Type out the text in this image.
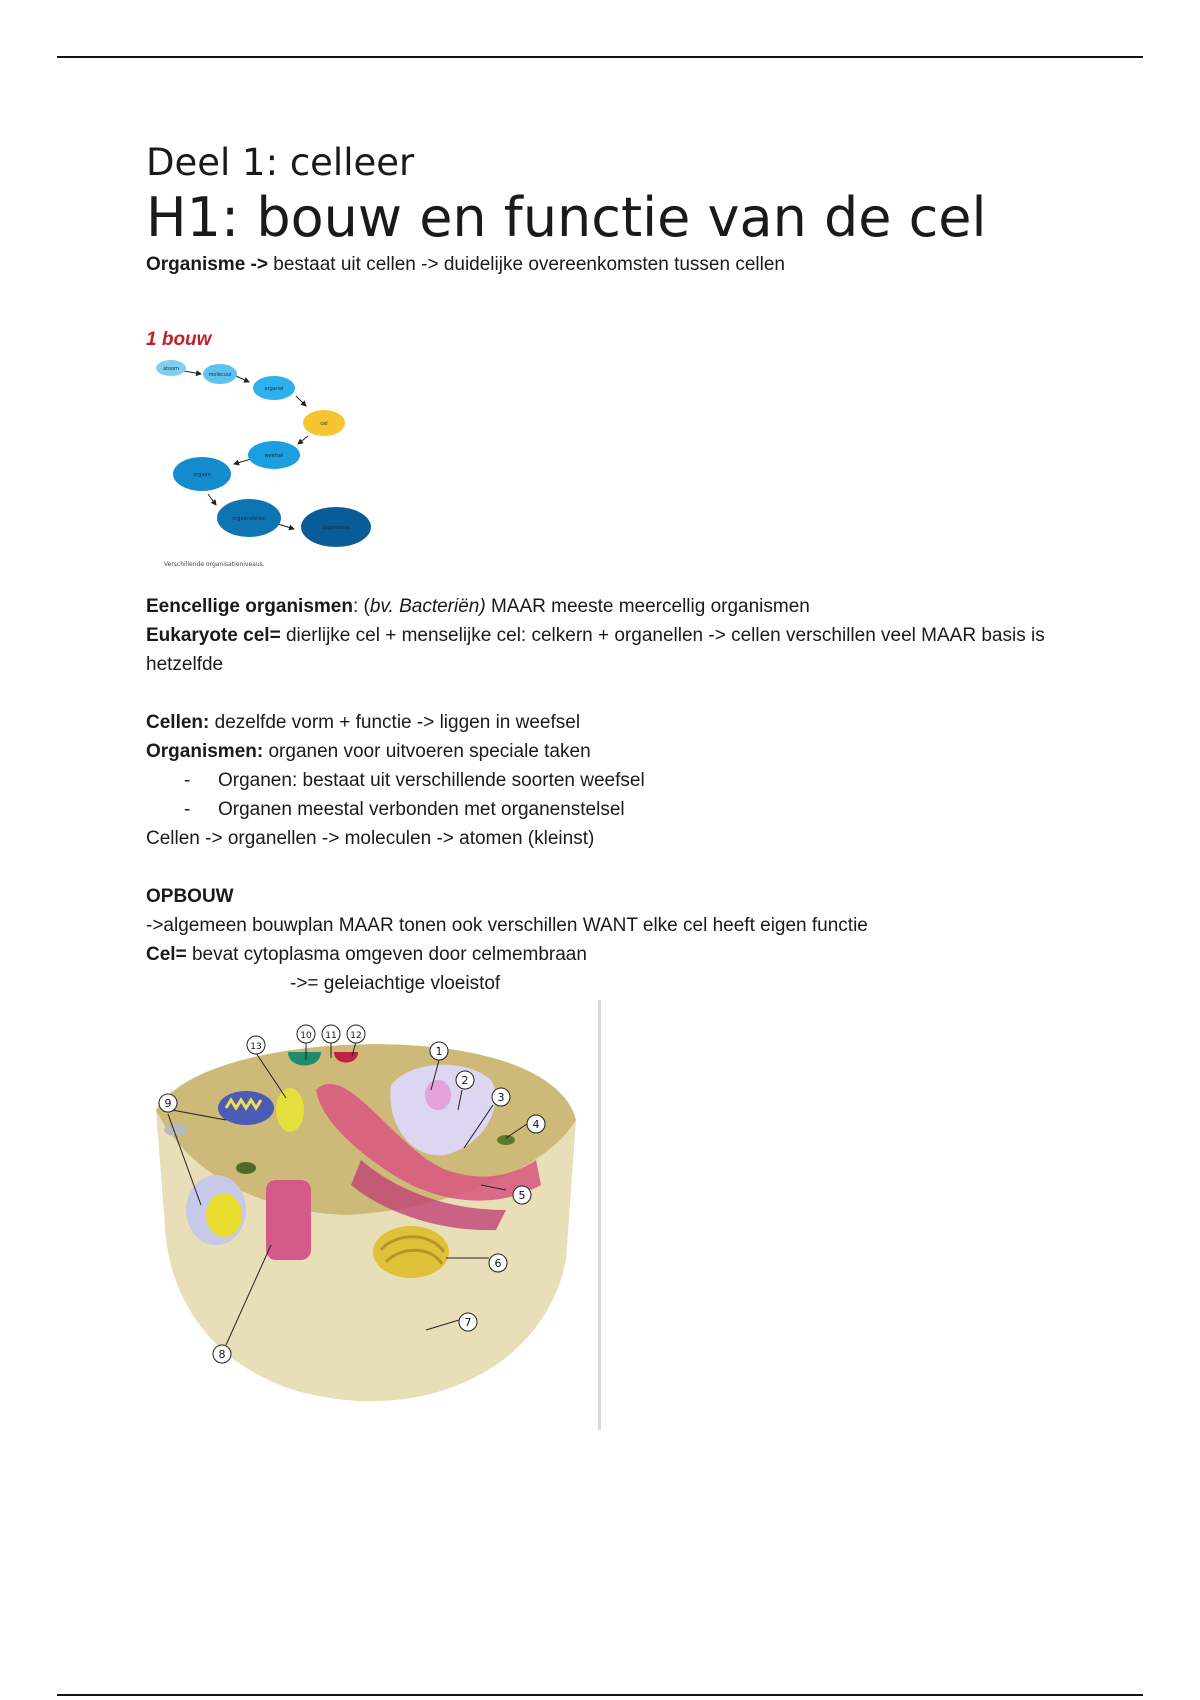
Deel 1: celleer
H1: bouw en functie van de cel

Organisme -> bestaat uit cellen -> duidelijke overeenkomsten tussen cellen

1 bouw

atoom
molecuul
organel
cel
weefsel
orgaan
orgaanstelsel
organisme
Verschillende organisatieniveaus.

Eencellige organismen: (bv. Bacteriën) MAAR meeste meercellig organismen

Eukaryote cel= dierlijke cel + menselijke cel: celkern + organellen -> cellen verschillen veel MAAR basis is hetzelfde

Cellen: dezelfde vorm + functie -> liggen in weefsel

Organismen: organen voor uitvoeren speciale taken

- Organen: bestaat uit verschillende soorten weefsel
- Organen meestal verbonden met organenstelsel

Cellen -> organellen -> moleculen -> atomen (kleinst)

OPBOUW

->algemeen bouwplan MAAR tonen ook verschillen WANT elke cel heeft eigen functie

Cel= bevat cytoplasma omgeven door celmembraan

->= geleiachtige vloeistof

1
2
3
4
5
6
7
8
9
10 11 12
13
